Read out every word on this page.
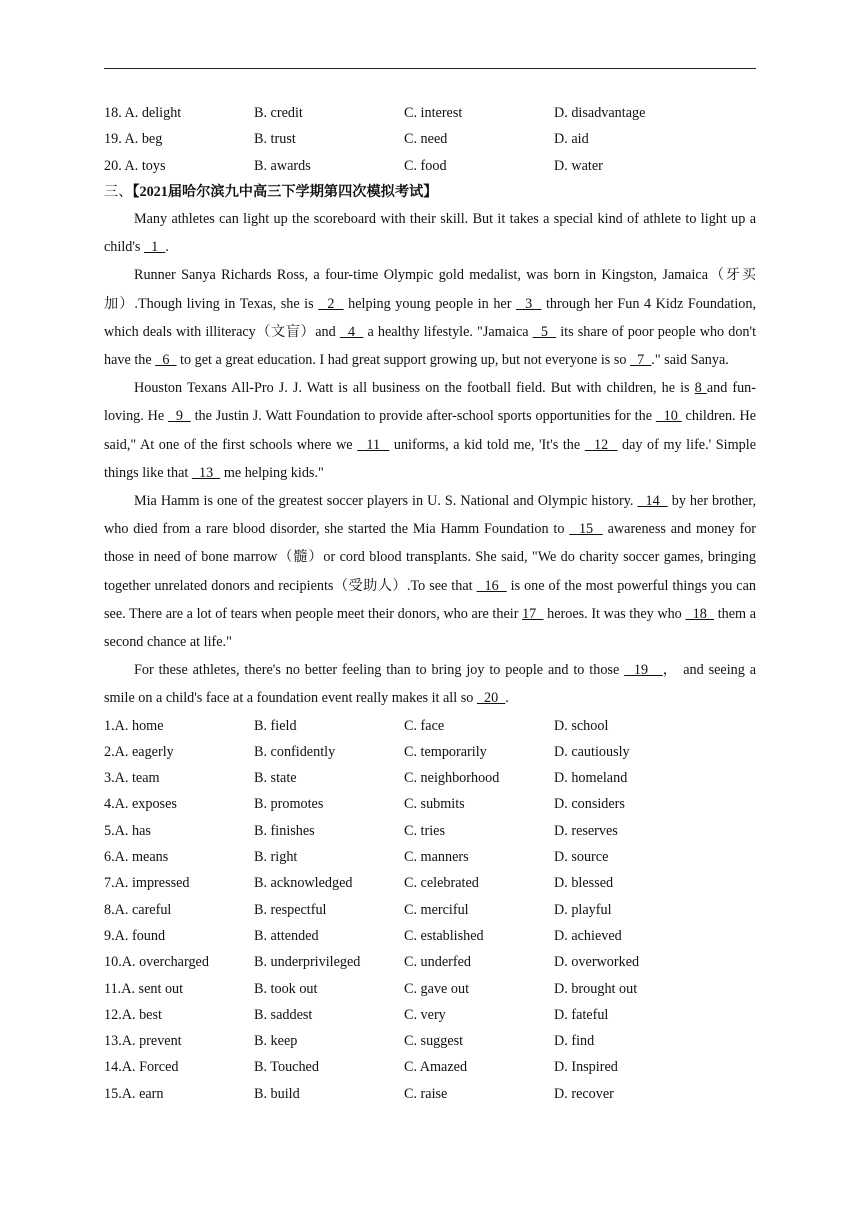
18. A. delight	B. credit	C. interest	D. disadvantage
19. A. beg	B. trust	C. need	D. aid
20. A. toys	B. awards	C. food	D. water
三、【2021届哈尔滨九中高三下学期第四次模拟考试】

Many athletes can light up the scoreboard with their skill. But it takes a special kind of athlete to light up a child's   1  .

Runner Sanya Richards Ross, a four-time Olympic gold medalist, was born in Kingston, Jamaica（牙买加）.Though living in Texas, she is   2   helping young people in her   3   through her Fun 4 Kidz Foundation, which deals with illiteracy（文盲）and   4   a healthy lifestyle. "Jamaica   5   its share of poor people who don't have the   6   to get a great education. I had great support growing up, but not everyone is so   7  ." said Sanya.

Houston Texans All-Pro J. J. Watt is all business on the football field. But with children, he is 8 and fun-loving. He   9   the Justin J. Watt Foundation to provide after-school sports opportunities for the   10  children. He said," At one of the first schools where we   11   uniforms, a kid told me, 'It's the   12   day of my life.' Simple things like that   13   me helping kids."

Mia Hamm is one of the greatest soccer players in U. S. National and Olympic history.   14   by her brother, who died from a rare blood disorder, she started the Mia Hamm Foundation to   15   awareness and money for those in need of bone marrow（髓）or cord blood transplants. She said, "We do charity soccer games, bringing together unrelated donors and recipients（受助人）.To see that   16   is one of the most powerful things you can see. There are a lot of tears when people meet their donors, who are their 17   heroes. It was they who   18   them a second chance at life."

For these athletes, there's no better feeling than to bring joy to people and to those   19   ， and seeing a smile on a child's face at a foundation event really makes it all so   20  .

1.A. home	B. field	C. face	D. school
2.A. eagerly	B. confidently	C. temporarily	D. cautiously
3.A. team	B. state	C. neighborhood	D. homeland
4.A. exposes	B. promotes	C. submits	D. considers
5.A. has	B. finishes	C. tries	D. reserves
6.A. means	B. right	C. manners	D. source
7.A. impressed	B. acknowledged	C. celebrated	D. blessed
8.A. careful	B. respectful	C. merciful	D. playful
9.A. found	B. attended	C. established	D. achieved
10.A. overcharged	B. underprivileged	C. underfed	D. overworked
11.A. sent out	B. took out	C. gave out	D. brought out
12.A. best	B. saddest	C. very	D. fateful
13.A. prevent	B. keep	C. suggest	D. find
14.A. Forced	B. Touched	C. Amazed	D. Inspired
15.A. earn	B. build	C. raise	D. recover
